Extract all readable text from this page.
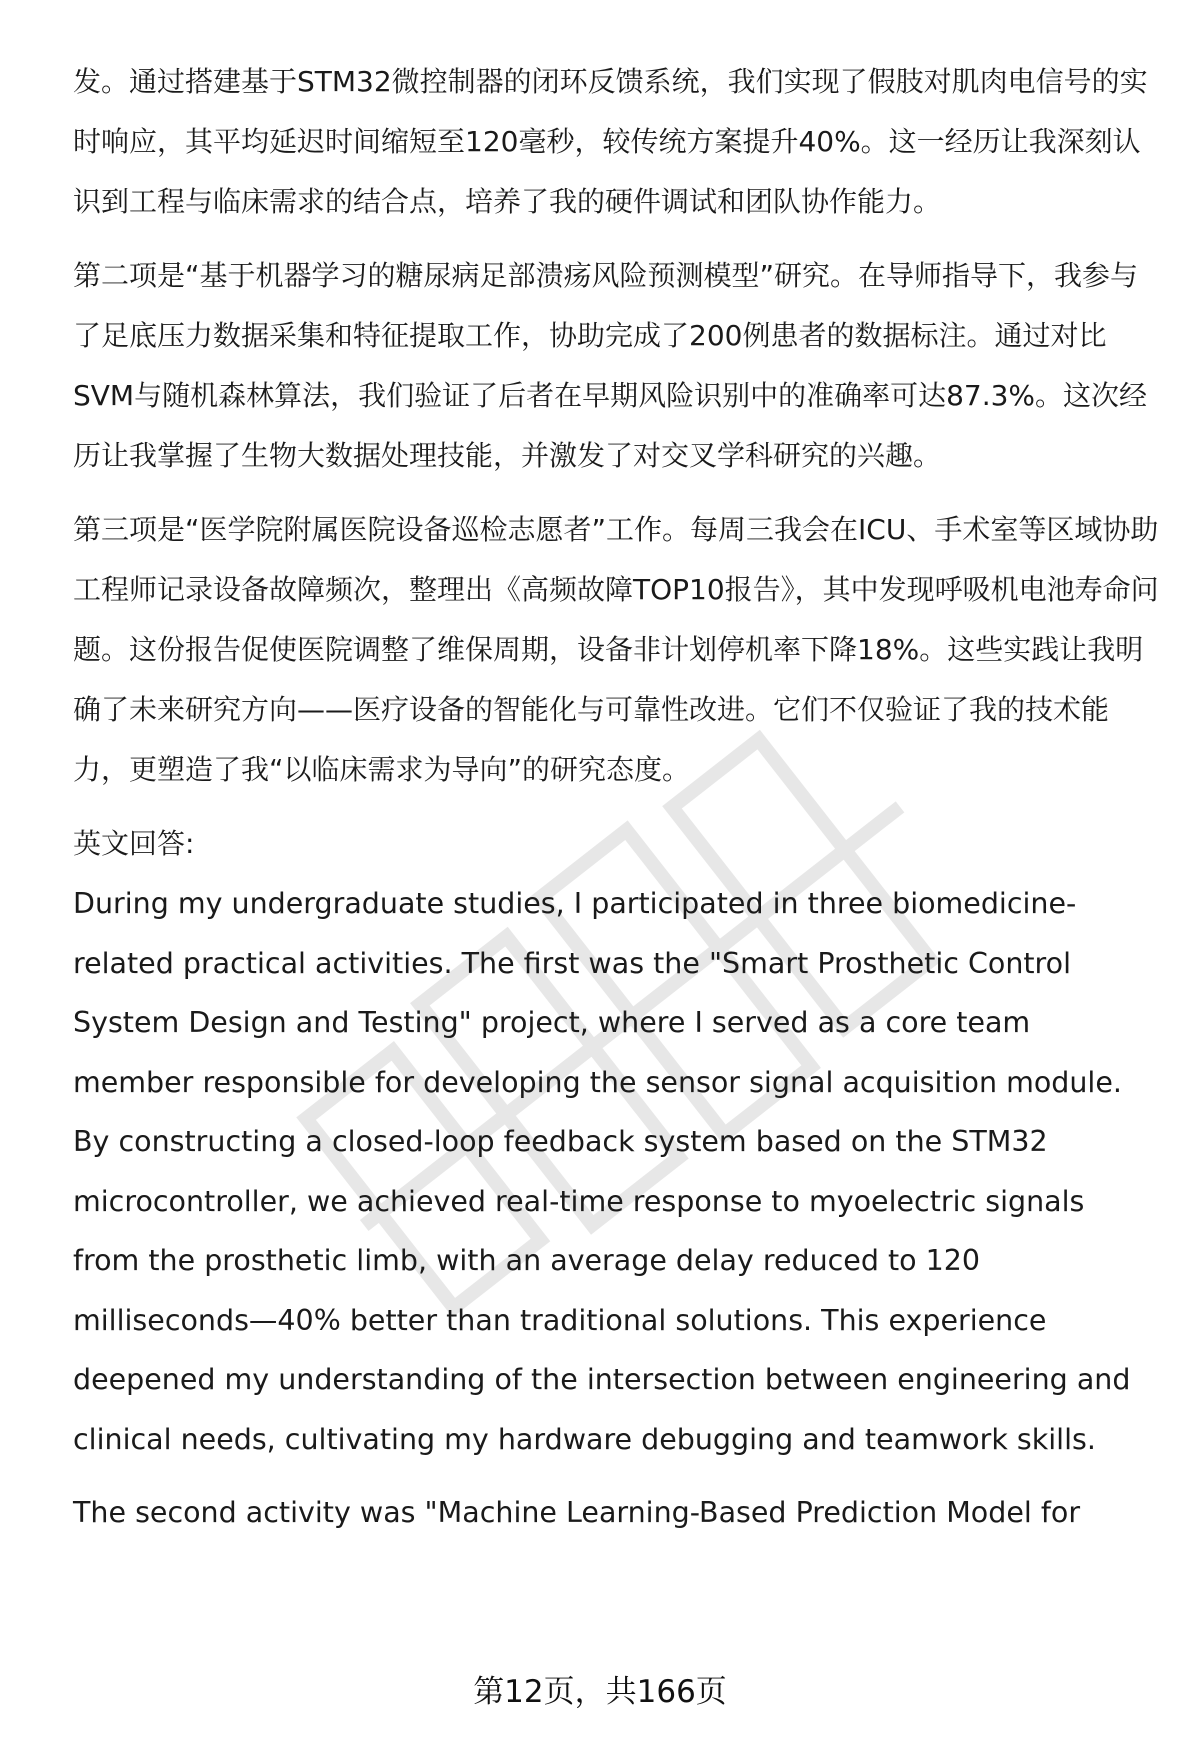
发。通过搭建基于STM32微控制器的闭环反馈系统，我们实现了假肢对肌肉电信号的实时响应，其平均延迟时间缩短至120毫秒，较传统方案提升40%。这一经历让我深刻认识到工程与临床需求的结合点，培养了我的硬件调试和团队协作能力。

第二项是“基于机器学习的糖尿病足部溃疡风险预测模型”研究。在导师指导下，我参与了足底压力数据采集和特征提取工作，协助完成了200例患者的数据标注。通过对比SVM与随机森林算法，我们验证了后者在早期风险识别中的准确率可达87.3%。这次经历让我掌握了生物大数据处理技能，并激发了对交叉学科研究的兴趣。

第三项是“医学院附属医院设备巡检志愿者”工作。每周三我会在ICU、手术室等区域协助工程师记录设备故障频次，整理出《高频故障TOP10报告》，其中发现呼吸机电池寿命问题。这份报告促使医院调整了维保周期，设备非计划停机率下降18%。这些实践让我明确了未来研究方向——医疗设备的智能化与可靠性改进。它们不仅验证了我的技术能力，更塑造了我“以临床需求为导向”的研究态度。

英文回答:

During my undergraduate studies, I participated in three biomedicine-related practical activities. The first was the "Smart Prosthetic Control System Design and Testing" project, where I served as a core team member responsible for developing the sensor signal acquisition module. By constructing a closed-loop feedback system based on the STM32 microcontroller, we achieved real-time response to myoelectric signals from the prosthetic limb, with an average delay reduced to 120 milliseconds—40% better than traditional solutions. This experience deepened my understanding of the intersection between engineering and clinical needs, cultivating my hardware debugging and teamwork skills.

The second activity was "Machine Learning-Based Prediction Model for

第12页，共166页
